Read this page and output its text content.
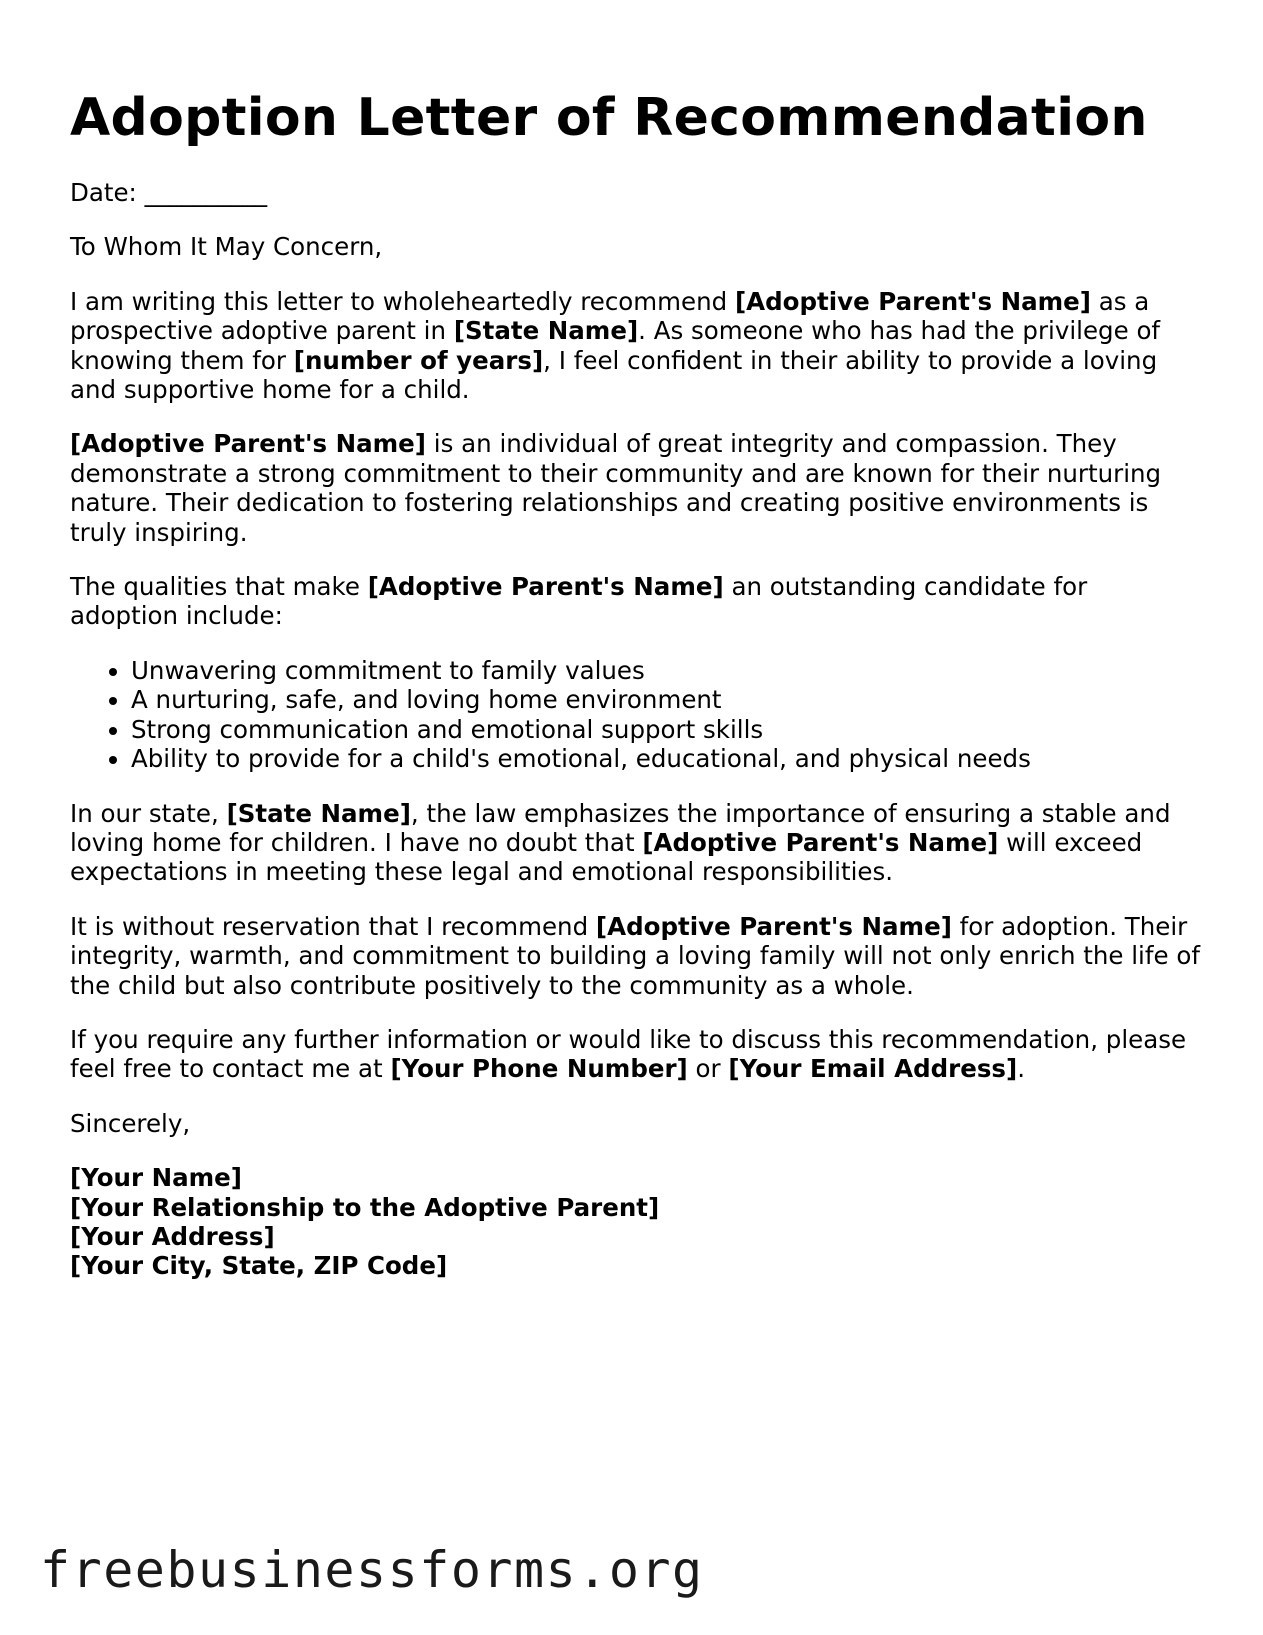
Adoption Letter of Recommendation

Date: __________

To Whom It May Concern,

I am writing this letter to wholeheartedly recommend [Adoptive Parent's Name] as a prospective adoptive parent in [State Name]. As someone who has had the privilege of knowing them for [number of years], I feel confident in their ability to provide a loving and supportive home for a child.

[Adoptive Parent's Name] is an individual of great integrity and compassion. They demonstrate a strong commitment to their community and are known for their nurturing nature. Their dedication to fostering relationships and creating positive environments is truly inspiring.

The qualities that make [Adoptive Parent's Name] an outstanding candidate for adoption include:

• Unwavering commitment to family values
• A nurturing, safe, and loving home environment
• Strong communication and emotional support skills
• Ability to provide for a child's emotional, educational, and physical needs

In our state, [State Name], the law emphasizes the importance of ensuring a stable and loving home for children. I have no doubt that [Adoptive Parent's Name] will exceed expectations in meeting these legal and emotional responsibilities.

It is without reservation that I recommend [Adoptive Parent's Name] for adoption. Their integrity, warmth, and commitment to building a loving family will not only enrich the life of the child but also contribute positively to the community as a whole.

If you require any further information or would like to discuss this recommendation, please feel free to contact me at [Your Phone Number] or [Your Email Address].

Sincerely,

[Your Name]
[Your Relationship to the Adoptive Parent]
[Your Address]
[Your City, State, ZIP Code]
freebusinessforms.org
